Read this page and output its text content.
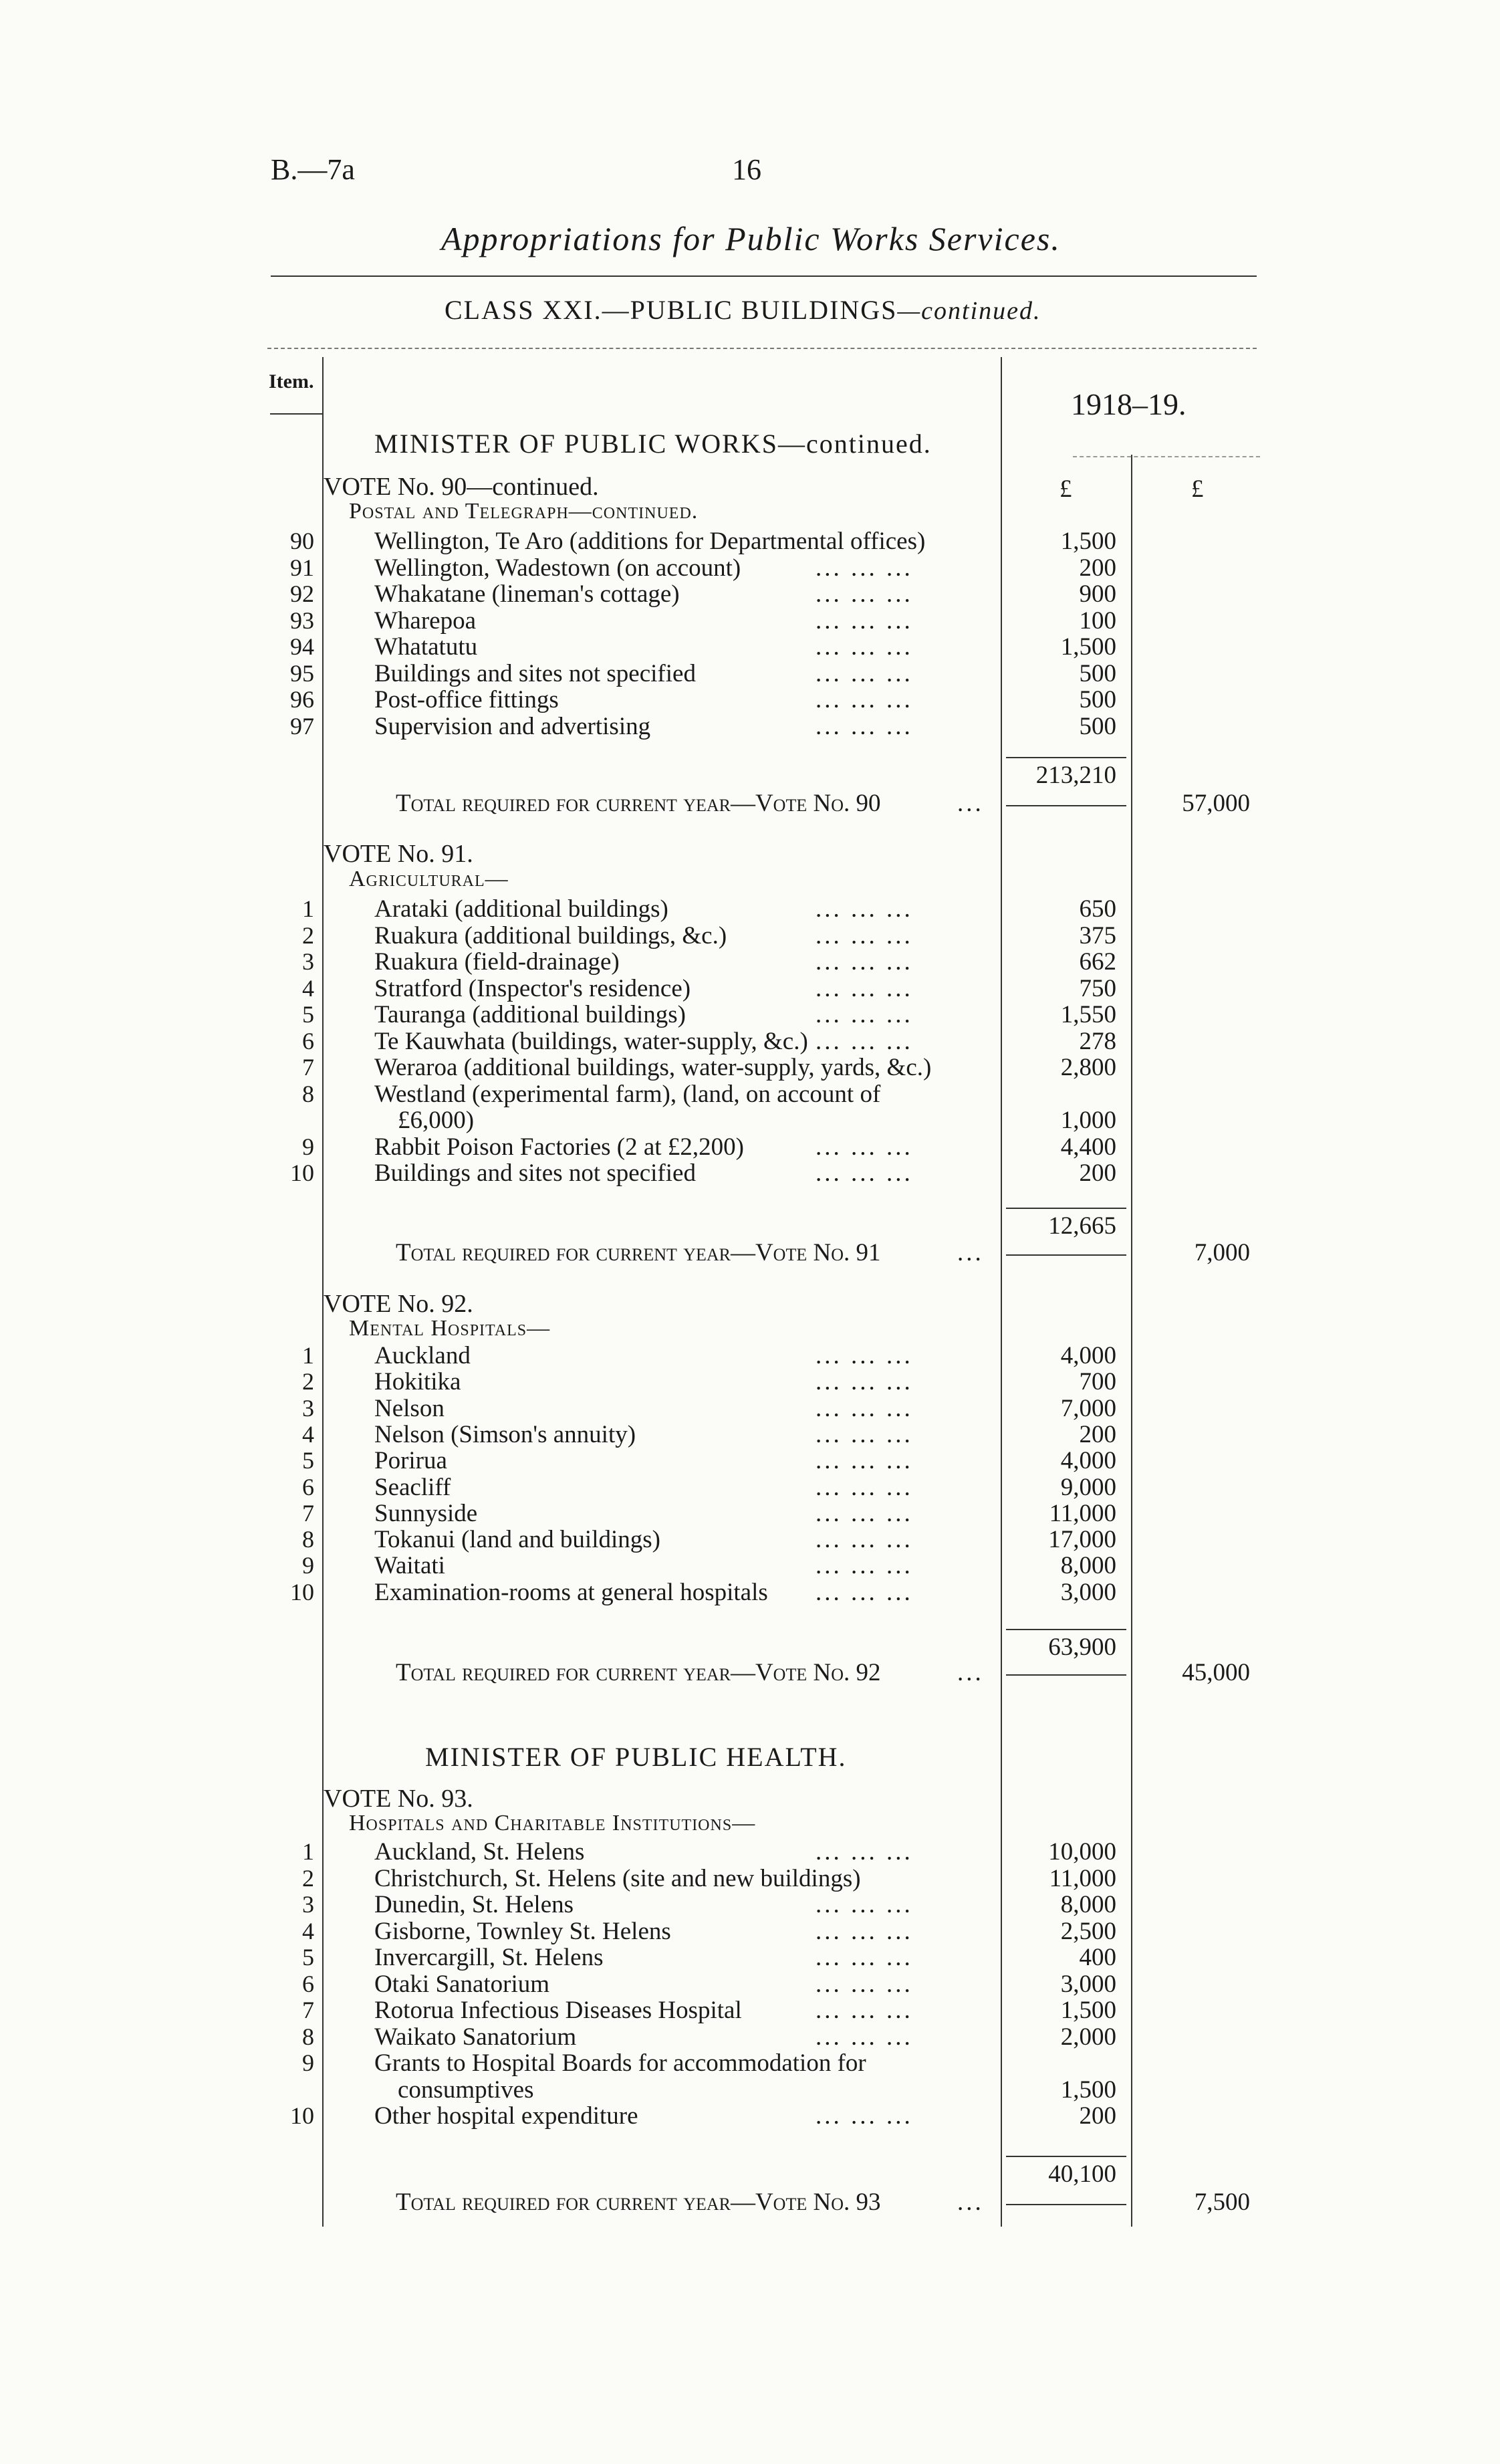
B.—7a	16
Appropriations for Public Works Services.
CLASS XXI.—PUBLIC BUILDINGS—continued.
Item.
1918–19.
£	£
MINISTER OF PUBLIC WORKS—continued.
VOTE No. 90—continued.
Postal and Telegraph—continued.
90 Wellington, Te Aro (additions for Departmental offices)	1,500
91 Wellington, Wadestown (on account)	... ... ...	200
92 Whakatane (lineman's cottage)	... ... ...	900
93 Wharepoa	... ... ...	100
94 Whatatutu	... ... ...	1,500
95 Buildings and sites not specified	... ... ...	500
96 Post-office fittings	... ... ...	500
97 Supervision and advertising	... ... ...	500
213,210
Total required for current year—Vote No. 90	...	57,000
VOTE No. 91.
Agricultural—
1 Arataki (additional buildings)	... ... ...	650
2 Ruakura (additional buildings, &c.)	... ... ...	375
3 Ruakura (field-drainage)	... ... ...	662
4 Stratford (Inspector's residence)	... ... ...	750
5 Tauranga (additional buildings)	... ... ...	1,550
6 Te Kauwhata (buildings, water-supply, &c.) ... ... ...	278
7 Weraroa (additional buildings, water-supply, yards, &c.)	2,800
8 Westland (experimental farm), (land, on account of
£6,000)	1,000
9 Rabbit Poison Factories (2 at £2,200)	... ... ...	4,400
10 Buildings and sites not specified	... ... ...	200
12,665
Total required for current year—Vote No. 91	...	7,000
VOTE No. 92.
Mental Hospitals—
1 Auckland	... ... ...	4,000
2 Hokitika	... ... ...	700
3 Nelson	... ... ...	7,000
4 Nelson (Simson's annuity)	... ... ...	200
5 Porirua	... ... ...	4,000
6 Seacliff	... ... ...	9,000
7 Sunnyside	... ... ...	11,000
8 Tokanui (land and buildings)	... ... ...	17,000
9 Waitati	... ... ...	8,000
10 Examination-rooms at general hospitals ... ... ...	3,000
63,900
Total required for current year—Vote No. 92	...	45,000
MINISTER OF PUBLIC HEALTH.
VOTE No. 93.
Hospitals and Charitable Institutions—
1 Auckland, St. Helens	... ... ...	10,000
2 Christchurch, St. Helens (site and new buildings)	11,000
3 Dunedin, St. Helens	... ... ...	8,000
4 Gisborne, Townley St. Helens	... ... ...	2,500
5 Invercargill, St. Helens	... ... ...	400
6 Otaki Sanatorium	... ... ...	3,000
7 Rotorua Infectious Diseases Hospital	... ... ...	1,500
8 Waikato Sanatorium	... ... ...	2,000
9 Grants to Hospital Boards for accommodation for
consumptives	1,500
10 Other hospital expenditure	... ... ...	200
40,100
Total required for current year—Vote No. 93	...	7,500
